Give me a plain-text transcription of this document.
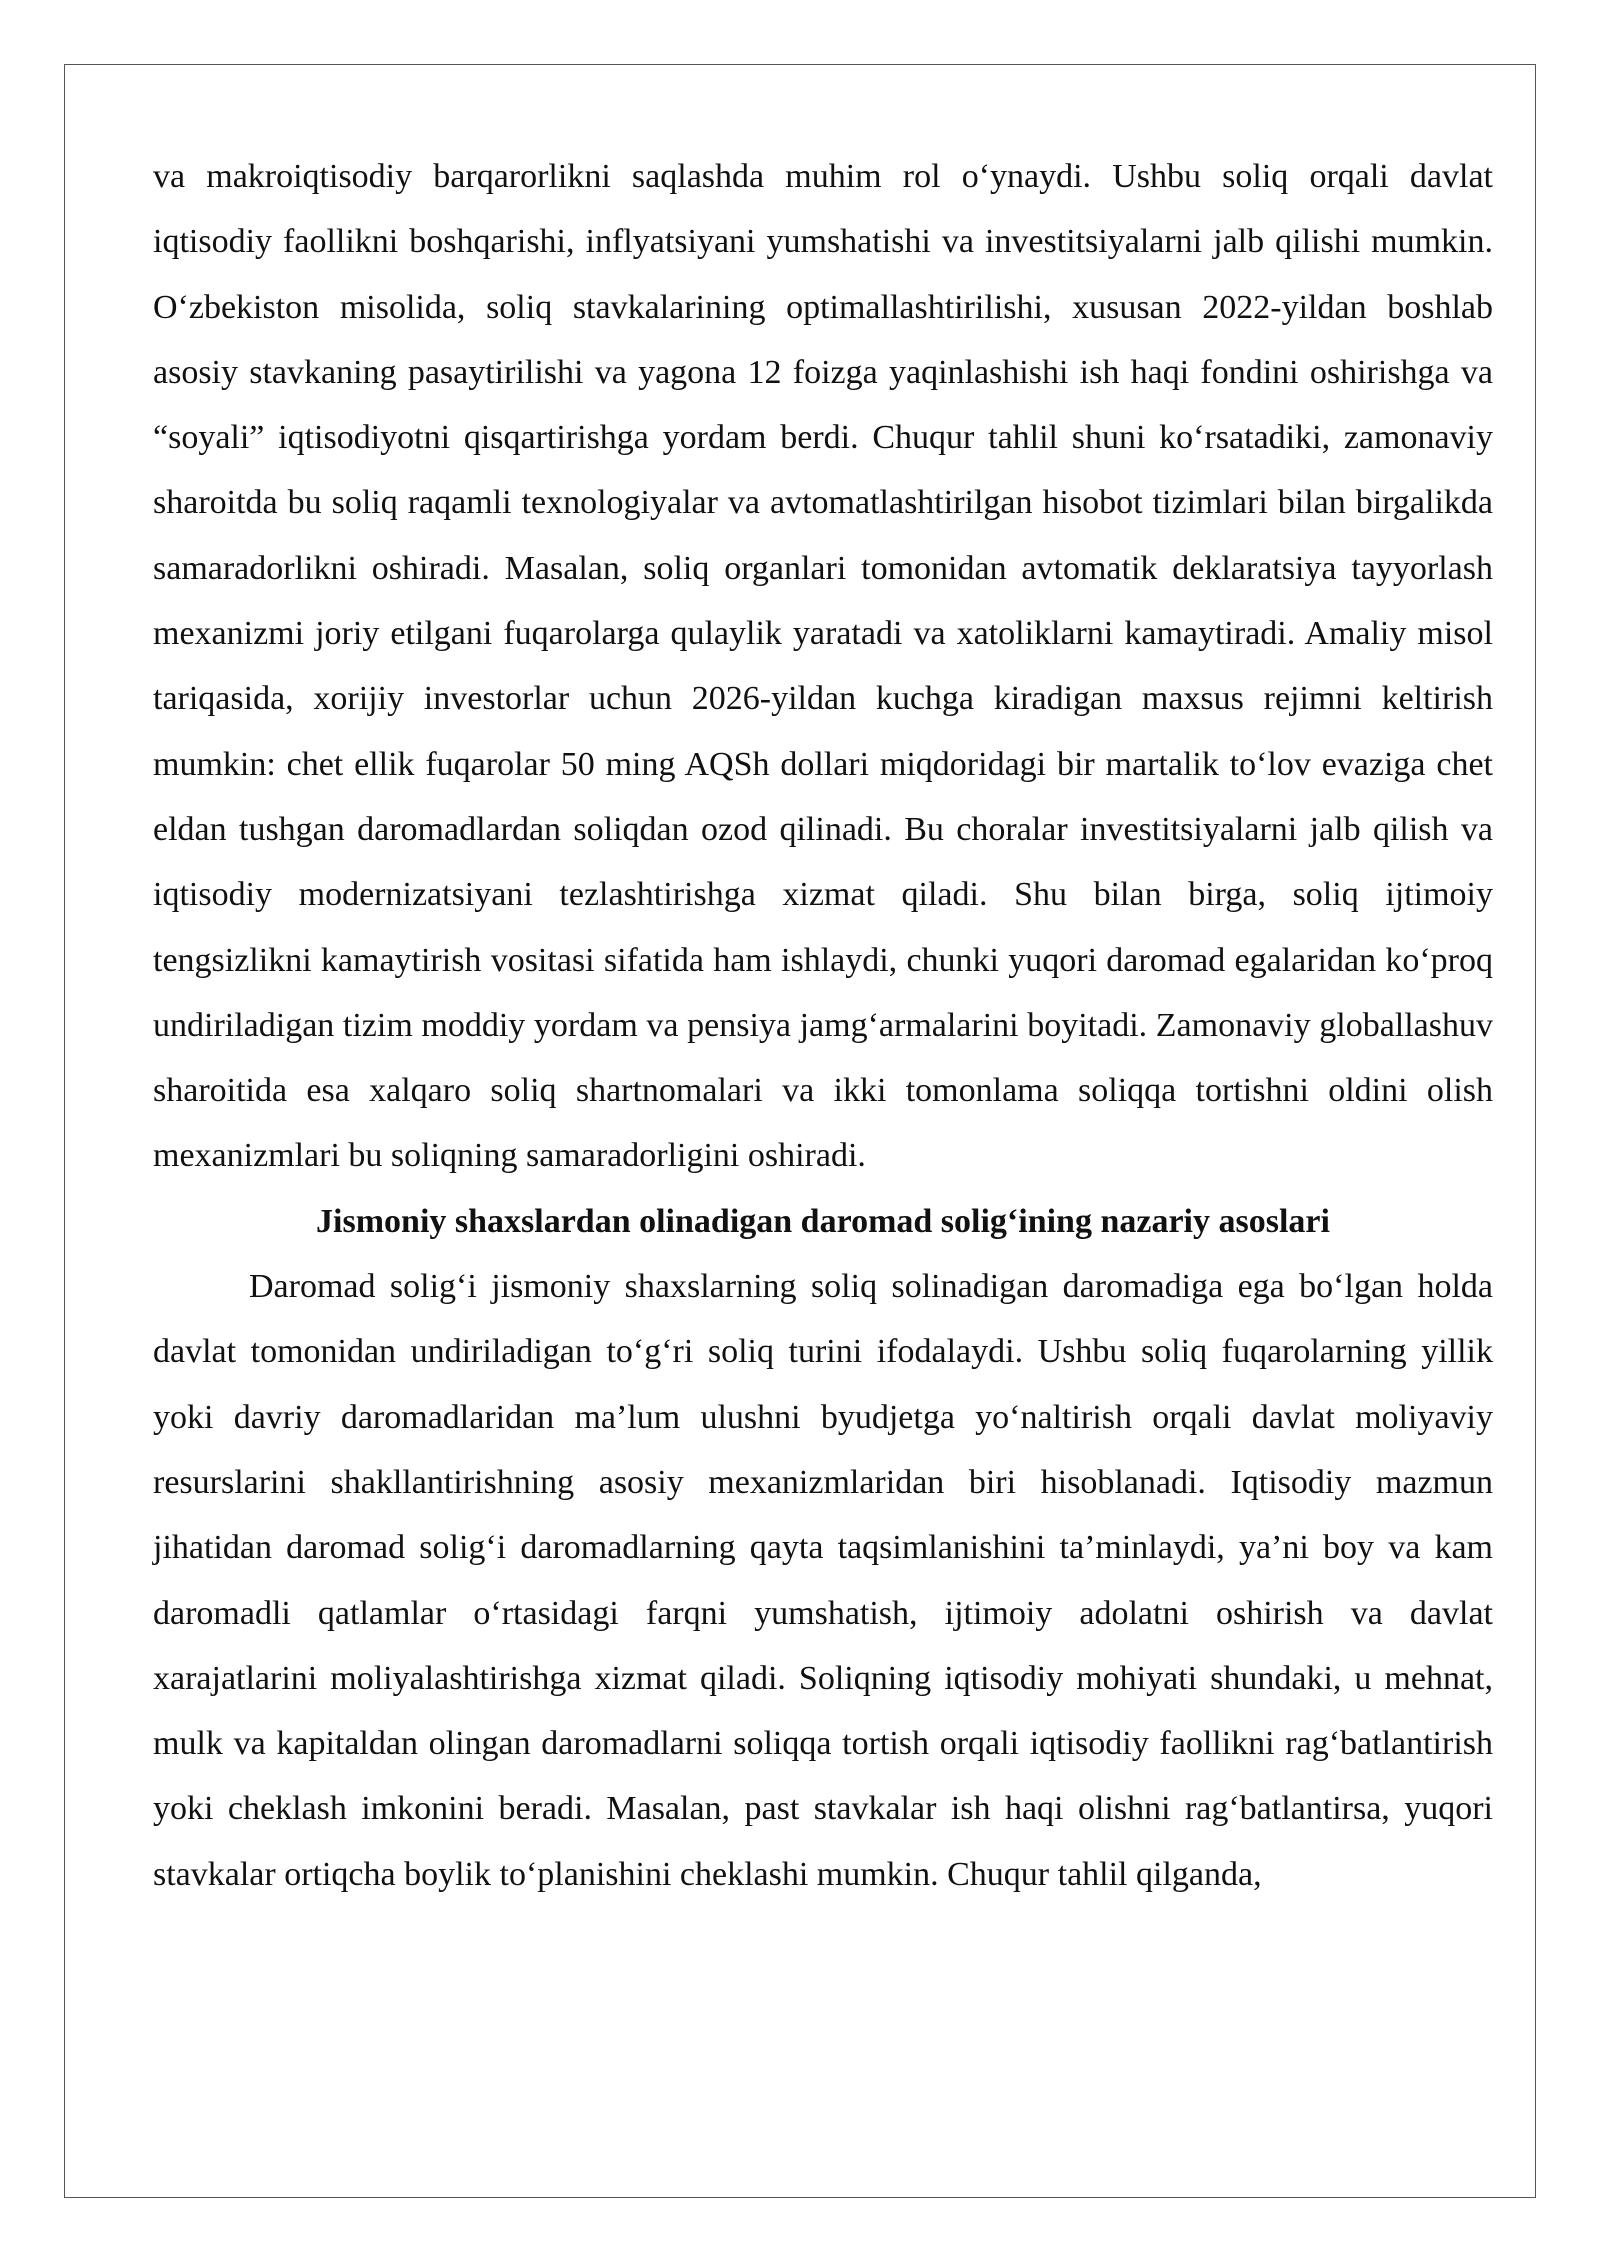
va makroiqtisodiy barqarorlikni saqlashda muhim rol o‘ynaydi. Ushbu soliq orqali davlat iqtisodiy faollikni boshqarishi, inflyatsiyani yumshatishi va investitsiyalarni jalb qilishi mumkin. O‘zbekiston misolida, soliq stavkalarining optimallashtirilishi, xususan 2022-yildan boshlab asosiy stavkaning pasaytirilishi va yagona 12 foizga yaqinlashishi ish haqi fondini oshirishga va “soyali” iqtisodiyotni qisqartirishga yordam berdi. Chuqur tahlil shuni ko‘rsatadiki, zamonaviy sharoitda bu soliq raqamli texnologiyalar va avtomatlashtirilgan hisobot tizimlari bilan birgalikda samaradorlikni oshiradi. Masalan, soliq organlari tomonidan avtomatik deklaratsiya tayyorlash mexanizmi joriy etilgani fuqarolarga qulaylik yaratadi va xatoliklarni kamaytiradi. Amaliy misol tariqasida, xorijiy investorlar uchun 2026-yildan kuchga kiradigan maxsus rejimni keltirish mumkin: chet ellik fuqarolar 50 ming AQSh dollari miqdoridagi bir martalik to‘lov evaziga chet eldan tushgan daromadlardan soliqdan ozod qilinadi. Bu choralar investitsiyalarni jalb qilish va iqtisodiy modernizatsiyani tezlashtirishga xizmat qiladi. Shu bilan birga, soliq ijtimoiy tengsizlikni kamaytirish vositasi sifatida ham ishlaydi, chunki yuqori daromad egalaridan ko‘proq undiriladigan tizim moddiy yordam va pensiya jamg‘armalarini boyitadi. Zamonaviy globallashuv sharoitida esa xalqaro soliq shartnomalari va ikki tomonlama soliqqa tortishni oldini olish mexanizmlari bu soliqning samaradorligini oshiradi.

Jismoniy shaxslardan olinadigan daromad solig‘ining nazariy asoslari

Daromad solig‘i jismoniy shaxslarning soliq solinadigan daromadiga ega bo‘lgan holda davlat tomonidan undiriladigan to‘g‘ri soliq turini ifodalaydi. Ushbu soliq fuqarolarning yillik yoki davriy daromadlaridan ma’lum ulushni byudjetga yo‘naltirish orqali davlat moliyaviy resurslarini shakllantirishning asosiy mexanizmlaridan biri hisoblanadi. Iqtisodiy mazmun jihatidan daromad solig‘i daromadlarning qayta taqsimlanishini ta’minlaydi, ya’ni boy va kam daromadli qatlamlar o‘rtasidagi farqni yumshatish, ijtimoiy adolatni oshirish va davlat xarajatlarini moliyalashtirishga xizmat qiladi. Soliqning iqtisodiy mohiyati shundaki, u mehnat, mulk va kapitaldan olingan daromadlarni soliqqa tortish orqali iqtisodiy faollikni rag‘batlantirish yoki cheklash imkonini beradi. Masalan, past stavkalar ish haqi olishni rag‘batlantirsa, yuqori stavkalar ortiqcha boylik to‘planishini cheklashi mumkin. Chuqur tahlil qilganda,
